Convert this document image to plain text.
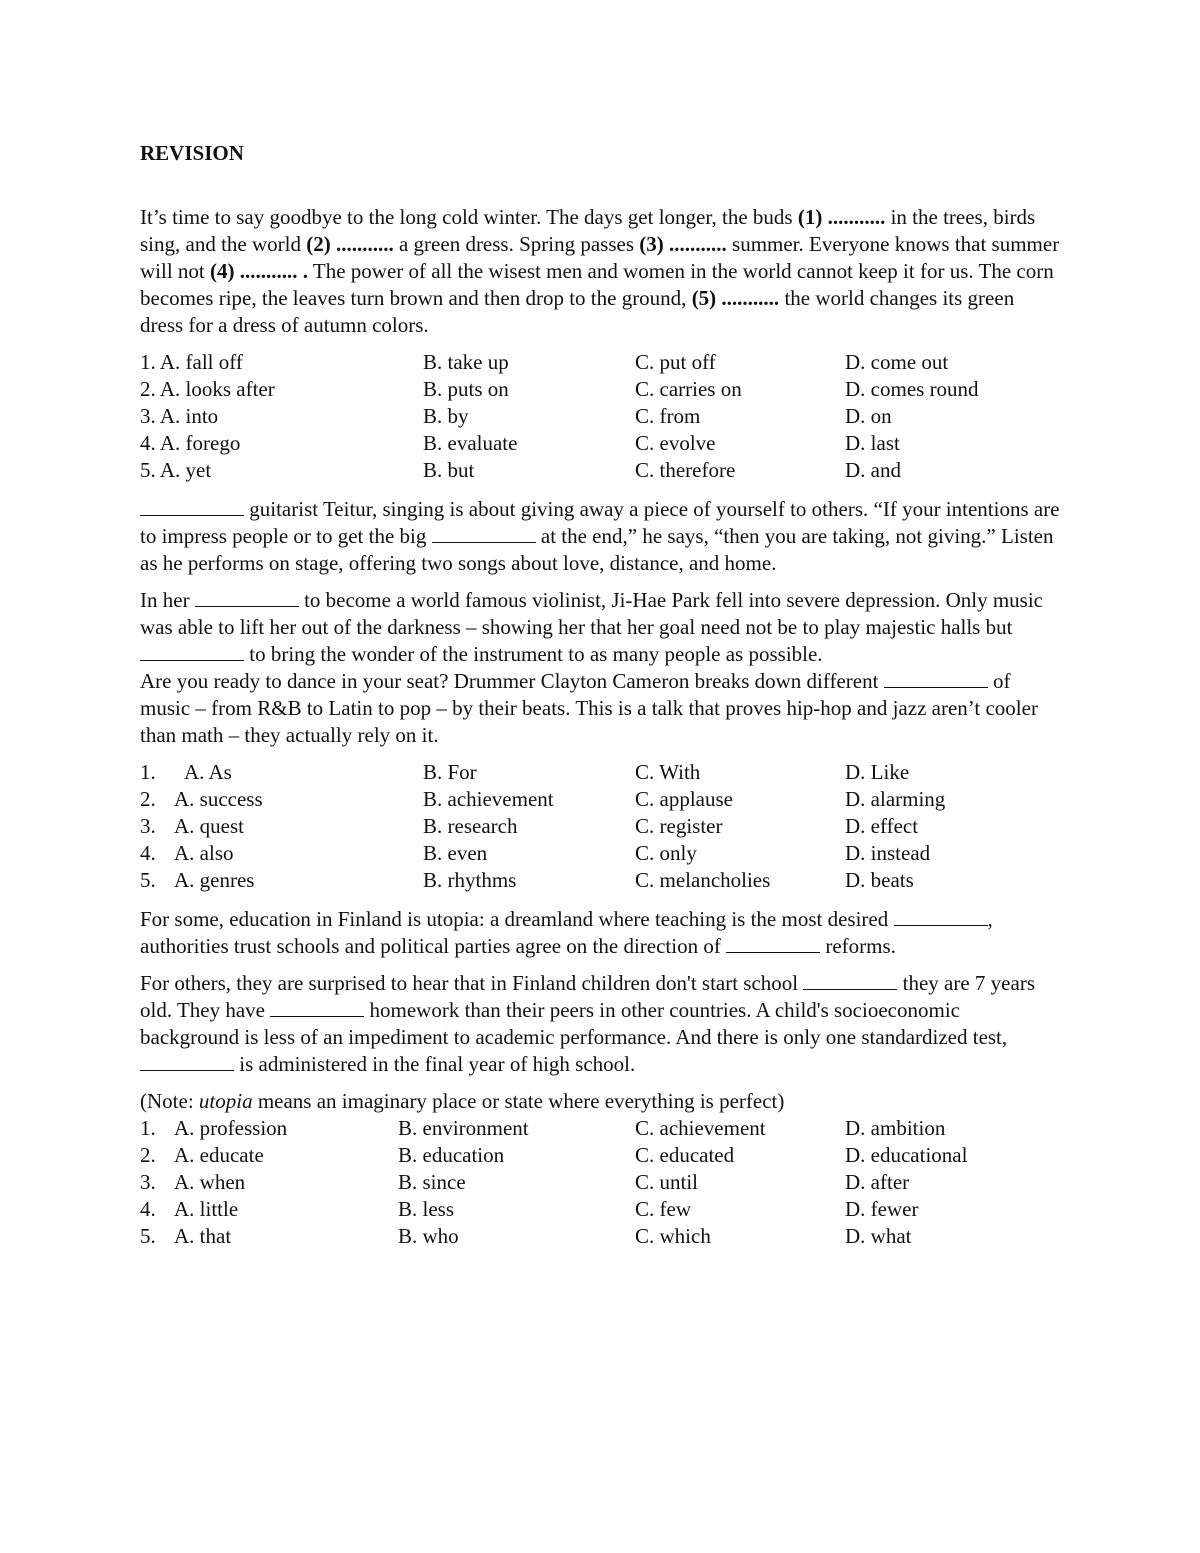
REVISION

It’s time to say goodbye to the long cold winter. The days get longer, the buds (1) ........... in the trees, birds sing, and the world (2) ........... a green dress. Spring passes (3) ........... summer. Everyone knows that summer will not (4) ........... . The power of all the wisest men and women in the world cannot keep it for us. The corn becomes ripe, the leaves turn brown and then drop to the ground, (5) ........... the world changes its green dress for a dress of autumn colors.

1. A. fall off	B. take up	C. put off	D. come out
2. A. looks after	B. puts on	C. carries on	D. comes round
3. A. into	B. by	C. from	D. on
4. A. forego	B. evaluate	C. evolve	D. last
5. A. yet	B. but	C. therefore	D. and

guitarist Teitur, singing is about giving away a piece of yourself to others. “If your intentions are to impress people or to get the big	at the end,” he says, “then you are taking, not giving.” Listen as he performs on stage, offering two songs about love, distance, and home.

In her	to become a world famous violinist, Ji-Hae Park fell into severe depression. Only music was able to lift her out of the darkness – showing her that her goal need not be to play majestic halls but  to bring the wonder of the instrument to as many people as possible.

Are you ready to dance in your seat? Drummer Clayton Cameron breaks down different	of music – from R&B to Latin to pop – by their beats. This is a talk that proves hip-hop and jazz aren’t cooler than math – they actually rely on it.

1. A. As	B. For	C. With	D. Like
2. A. success	B. achievement	C. applause	D. alarming
3. A. quest	B. research	C. register	D. effect
4. A. also	B. even	C. only	D. instead
5. A. genres	B. rhythms	C. melancholies	D. beats

For some, education in Finland is utopia: a dreamland where teaching is the most desired	, authorities trust schools and political parties agree on the direction of	reforms.

For others, they are surprised to hear that in Finland children don't start school	they are 7 years old. They have	homework than their peers in other countries. A child's socioeconomic background is less of an impediment to academic performance. And there is only one standardized test,  is administered in the final year of high school.

(Note: utopia means an imaginary place or state where everything is perfect)

1. A. profession	B. environment	C. achievement	D. ambition
2. A. educate	B. education	C. educated	D. educational
3. A. when	B. since	C. until	D. after
4. A. little	B. less	C. few	D. fewer
5. A. that	B. who	C. which	D. what
